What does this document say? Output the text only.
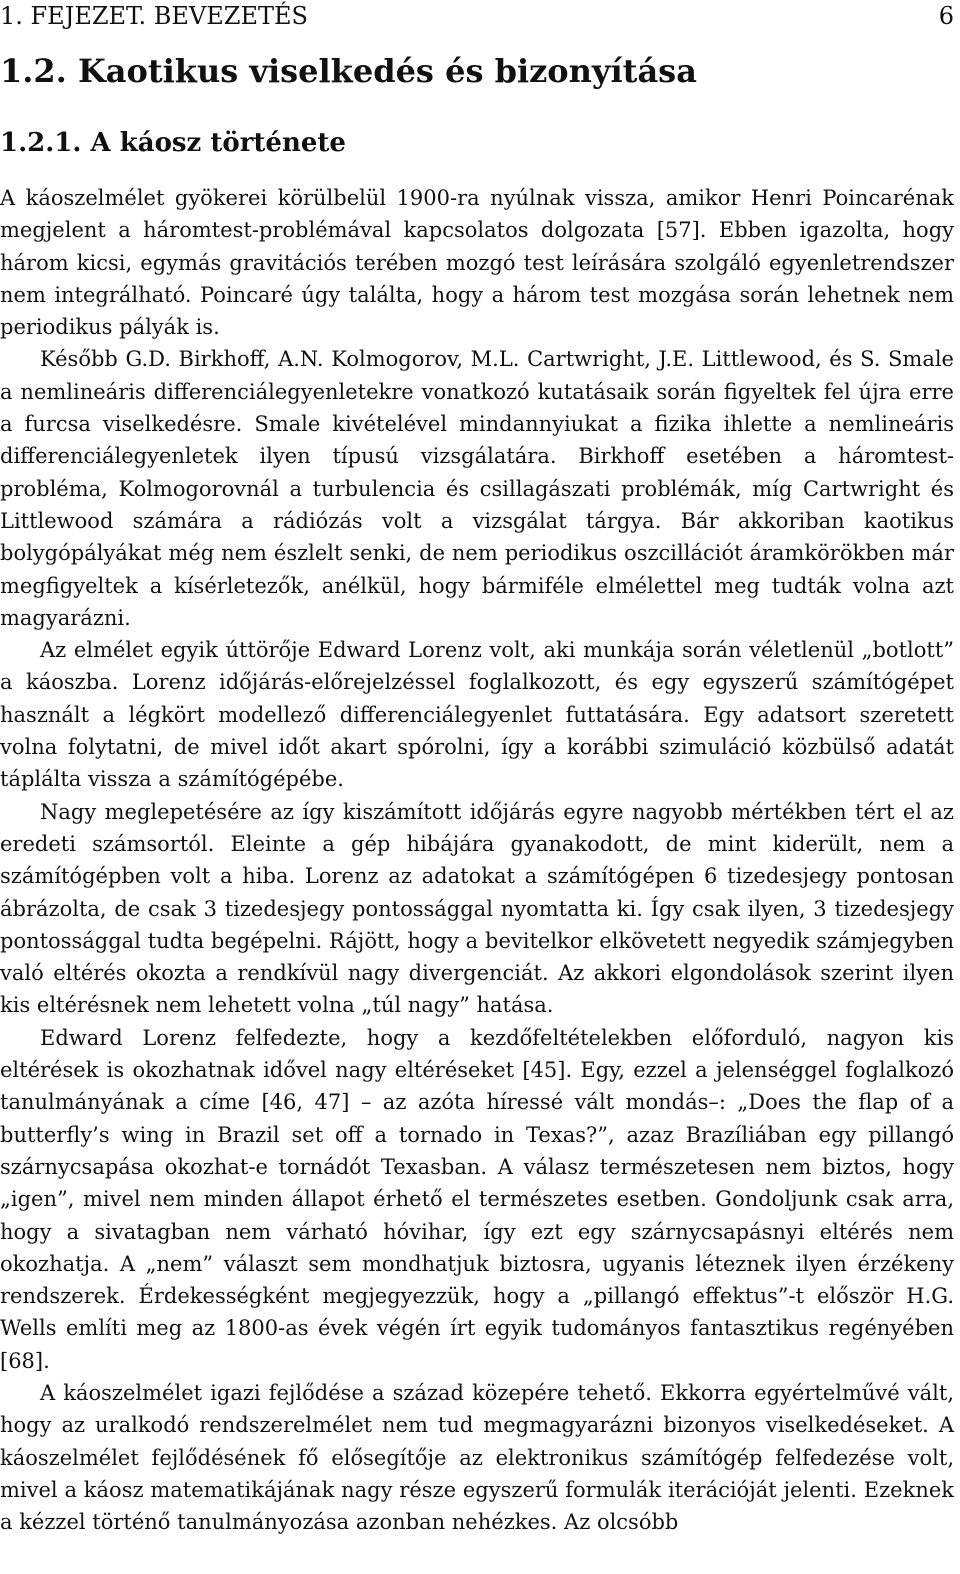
1. FEJEZET. BEVEZETÉS	6
1.2. Kaotikus viselkedés és bizonyítása
1.2.1. A káosz története

A káoszelmélet gyökerei körülbelül 1900-ra nyúlnak vissza, amikor Henri Poincarénak megjelent a háromtest-problémával kapcsolatos dolgozata [57]. Ebben igazolta, hogy három kicsi, egymás gravitációs terében mozgó test leírására szolgáló egyenletrendszer nem integrálható. Poincaré úgy találta, hogy a három test mozgása során lehetnek nem periodikus pályák is.

Később G.D. Birkhoff, A.N. Kolmogorov, M.L. Cartwright, J.E. Littlewood, és S. Smale a nemlineáris differenciálegyenletekre vonatkozó kutatásaik során figyeltek fel újra erre a furcsa viselkedésre. Smale kivételével mindannyiukat a fizika ihlette a nemlineáris differenciálegyenletek ilyen típusú vizsgálatára. Birkhoff esetében a háromtest-probléma, Kolmogorovnál a turbulencia és csillagászati problémák, míg Cartwright és Littlewood számára a rádiózás volt a vizsgálat tárgya. Bár akkoriban kaotikus bolygópályákat még nem észlelt senki, de nem periodikus oszcillációt áramkörökben már megfigyeltek a kísérletezők, anélkül, hogy bármiféle elmélettel meg tudták volna azt magyarázni.

Az elmélet egyik úttörője Edward Lorenz volt, aki munkája során véletlenül „botlott” a káoszba. Lorenz időjárás-előrejelzéssel foglalkozott, és egy egyszerű számítógépet használt a légkört modellező differenciálegyenlet futtatására. Egy adatsort szeretett volna folytatni, de mivel időt akart spórolni, így a korábbi szimuláció közbülső adatát táplálta vissza a számítógépébe.

Nagy meglepetésére az így kiszámított időjárás egyre nagyobb mértékben tért el az eredeti számsortól. Eleinte a gép hibájára gyanakodott, de mint kiderült, nem a számítógépben volt a hiba. Lorenz az adatokat a számítógépen 6 tizedesjegy pontosan ábrázolta, de csak 3 tizedesjegy pontossággal nyomtatta ki. Így csak ilyen, 3 tizedesjegy pontossággal tudta begépelni. Rájött, hogy a bevitelkor elkövetett negyedik számjegyben való eltérés okozta a rendkívül nagy divergenciát. Az akkori elgondolások szerint ilyen kis eltérésnek nem lehetett volna „túl nagy” hatása.

Edward Lorenz felfedezte, hogy a kezdőfeltételekben előforduló, nagyon kis eltérések is okozhatnak idővel nagy eltéréseket [45]. Egy, ezzel a jelenséggel foglalkozó tanulmányának a címe [46, 47] – az azóta híressé vált mondás–: „Does the flap of a butterfly’s wing in Brazil set off a tornado in Texas?”, azaz Brazíliában egy pillangó szárnycsapása okozhat-e tornádót Texasban. A válasz természetesen nem biztos, hogy „igen”, mivel nem minden állapot érhető el természetes esetben. Gondoljunk csak arra, hogy a sivatagban nem várható hóvihar, így ezt egy szárnycsapásnyi eltérés nem okozhatja. A „nem” választ sem mondhatjuk biztosra, ugyanis léteznek ilyen érzékeny rendszerek. Érdekességként megjegyezzük, hogy a „pillangó effektus”-t először H.G. Wells említi meg az 1800-as évek végén írt egyik tudományos fantasztikus regényében [68].

A káoszelmélet igazi fejlődése a század közepére tehető. Ekkorra egyértelművé vált, hogy az uralkodó rendszerelmélet nem tud megmagyarázni bizonyos viselkedéseket. A káoszelmélet fejlődésének fő elősegítője az elektronikus számítógép felfedezése volt, mivel a káosz matematikájának nagy része egyszerű formulák iterációját jelenti. Ezeknek a kézzel történő tanulmányozása azonban nehézkes. Az olcsóbb
